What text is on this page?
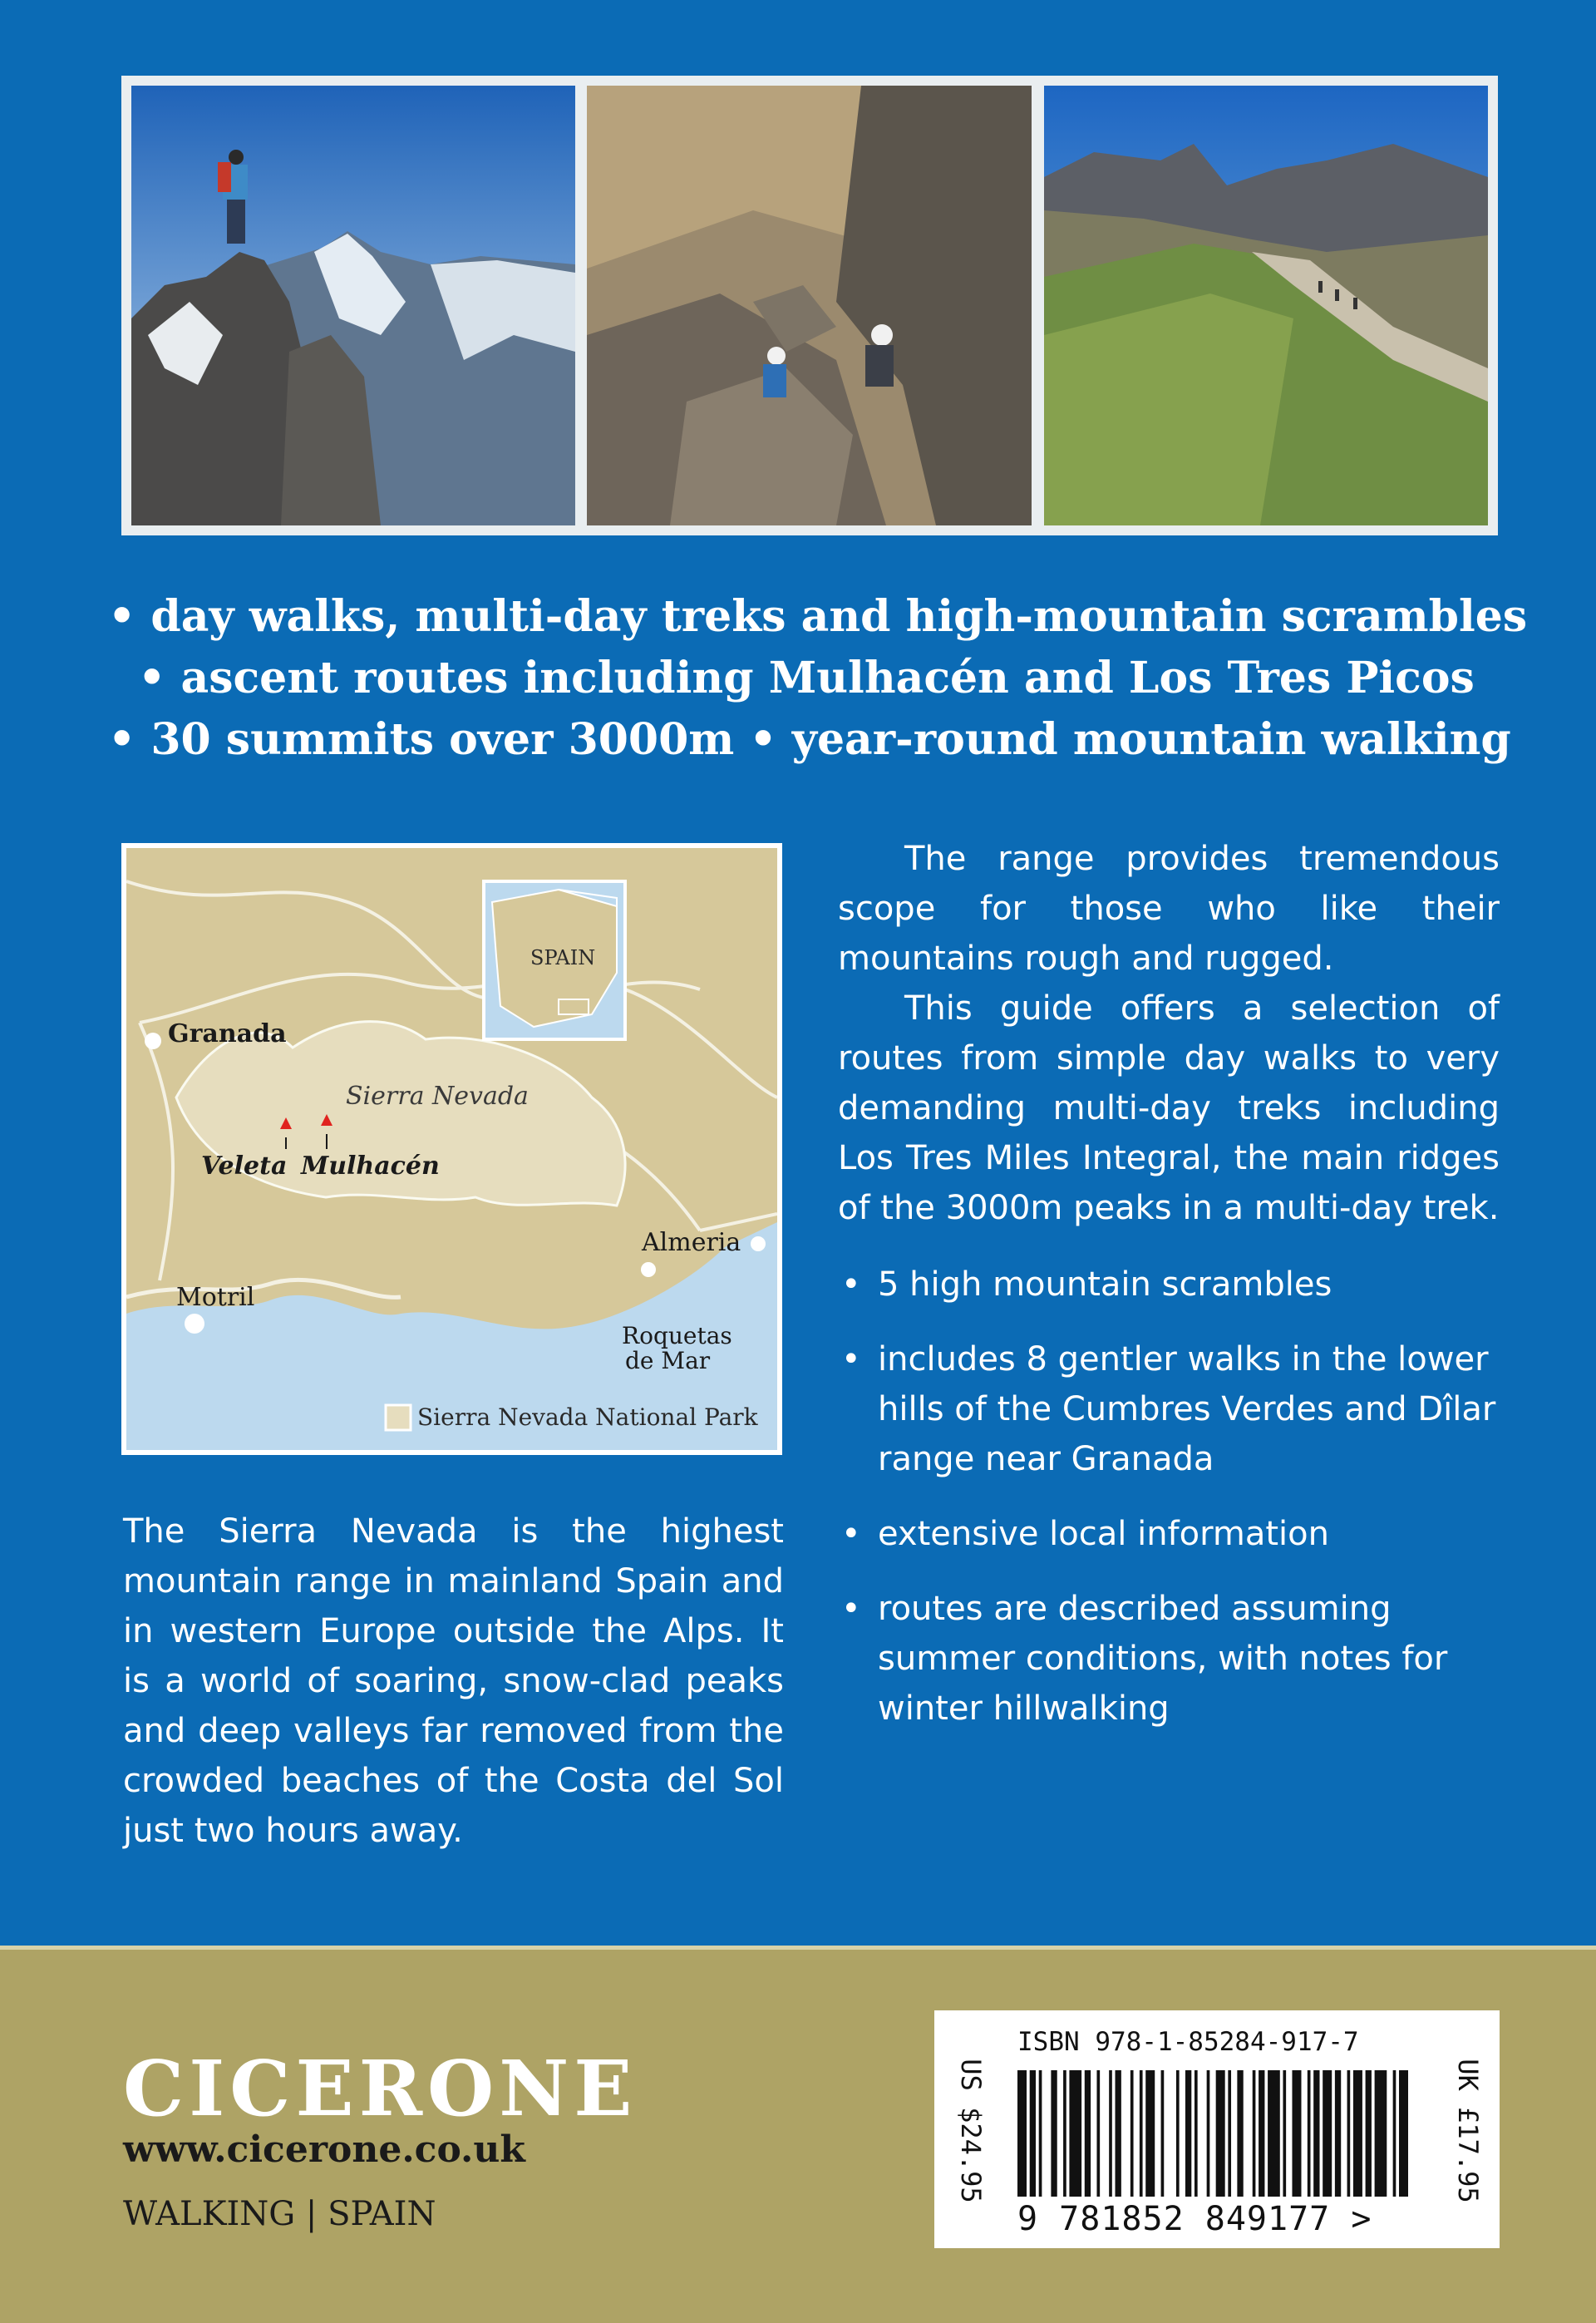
• day walks, multi-day treks and high-mountain scrambles
• ascent routes including Mulhacén and Los Tres Picos
• 30 summits over 3000m • year-round mountain walking
SPAIN
Granada
Sierra Nevada
Veleta Mulhacén
Almeria
Motril
Roquetas
de Mar
Sierra Nevada National Park
The Sierra Nevada is the highest mountain range in mainland Spain and in western Europe outside the Alps. It is a world of soaring, snow-clad peaks and deep valleys far removed from the crowded beaches of the Costa del Sol just two hours away.

The range provides tremendous scope for those who like their mountains rough and rugged.

This guide offers a selection of routes from simple day walks to very demanding multi-day treks including Los Tres Miles Integral, the main ridges of the 3000m peaks in a multi-day trek.

• 5 high mountain scrambles
• includes 8 gentler walks in the lower hills of the Cumbres Verdes and Dîlar range near Granada
• extensive local information
• routes are described assuming summer conditions, with notes for winter hillwalking
CICERONE
www.cicerone.co.uk
WALKING | SPAIN
US $24.95
ISBN 978-1-85284-917-7
9 781852 849177 >
UK £17.95
